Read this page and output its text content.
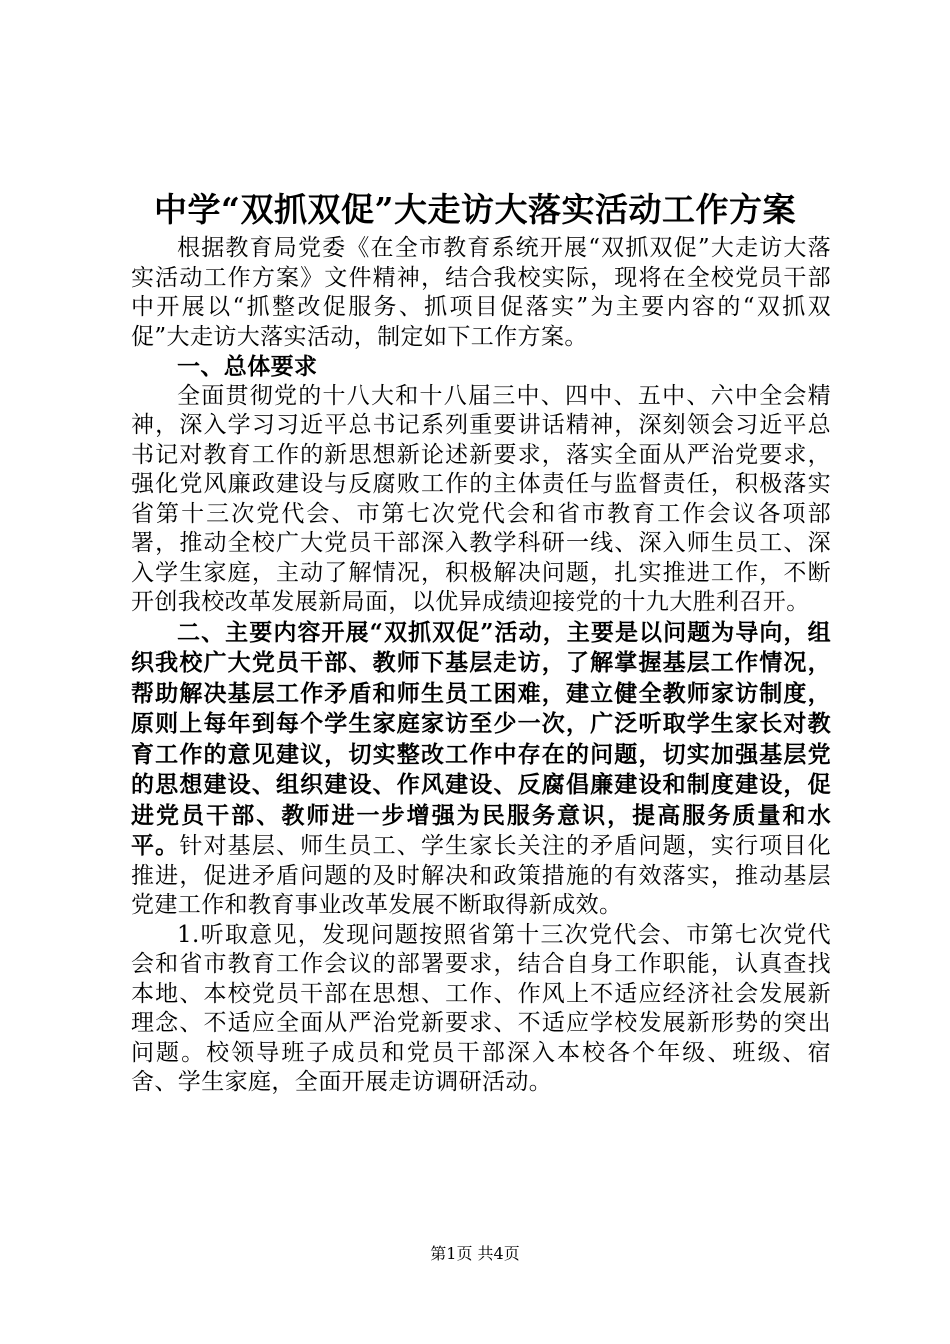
中学“双抓双促”大走访大落实活动工作方案

根据教育局党委《在全市教育系统开展“双抓双促”大走访大落实活动工作方案》文件精神，结合我校实际，现将在全校党员干部中开展以“抓整改促服务、抓项目促落实”为主要内容的“双抓双促”大走访大落实活动，制定如下工作方案。

一、总体要求

全面贯彻党的十八大和十八届三中、四中、五中、六中全会精神，深入学习习近平总书记系列重要讲话精神，深刻领会习近平总书记对教育工作的新思想新论述新要求，落实全面从严治党要求，强化党风廉政建设与反腐败工作的主体责任与监督责任，积极落实省第十三次党代会、市第七次党代会和省市教育工作会议各项部署，推动全校广大党员干部深入教学科研一线、深入师生员工、深入学生家庭，主动了解情况，积极解决问题，扎实推进工作，不断开创我校改革发展新局面，以优异成绩迎接党的十九大胜利召开。

二、主要内容开展“双抓双促”活动，主要是以问题为导向，组织我校广大党员干部、教师下基层走访，了解掌握基层工作情况，帮助解决基层工作矛盾和师生员工困难，建立健全教师家访制度，原则上每年到每个学生家庭家访至少一次，广泛听取学生家长对教育工作的意见建议，切实整改工作中存在的问题，切实加强基层党的思想建设、组织建设、作风建设、反腐倡廉建设和制度建设，促进党员干部、教师进一步增强为民服务意识，提高服务质量和水平。针对基层、师生员工、学生家长关注的矛盾问题，实行项目化推进，促进矛盾问题的及时解决和政策措施的有效落实，推动基层党建工作和教育事业改革发展不断取得新成效。

1.听取意见，发现问题按照省第十三次党代会、市第七次党代会和省市教育工作会议的部署要求，结合自身工作职能，认真查找本地、本校党员干部在思想、工作、作风上不适应经济社会发展新理念、不适应全面从严治党新要求、不适应学校发展新形势的突出问题。校领导班子成员和党员干部深入本校各个年级、班级、宿舍、学生家庭，全面开展走访调研活动。

第1页 共4页
